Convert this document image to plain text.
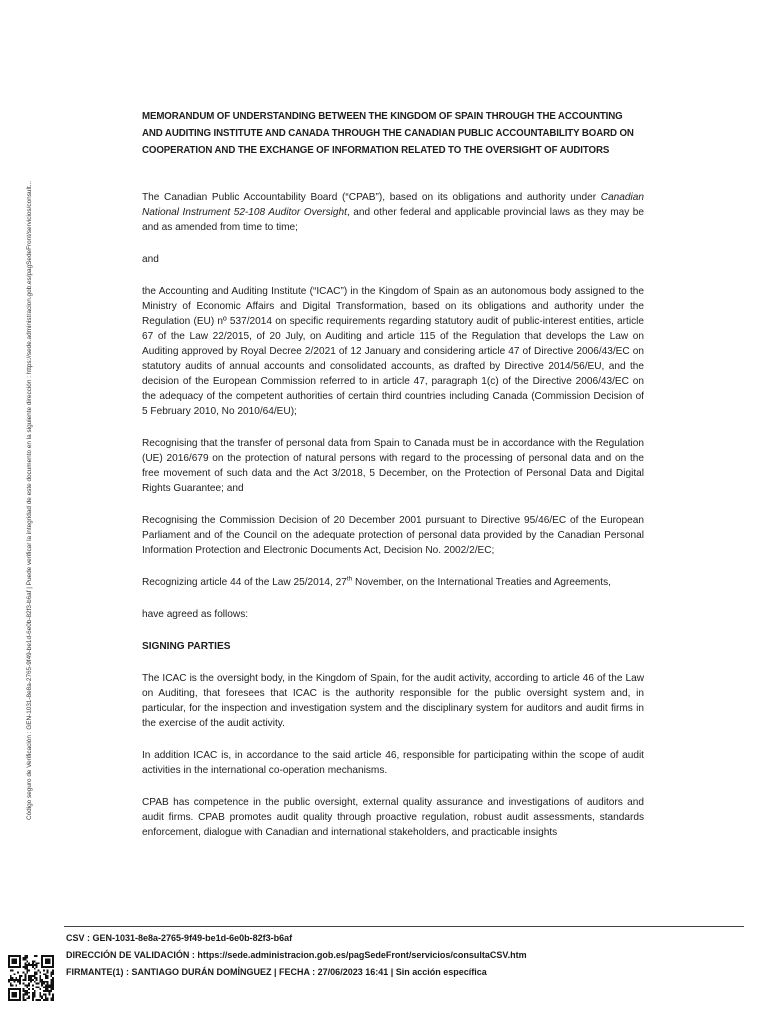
Código seguro de Verificación : GEN-1031-8e8a-2765-9f49-be1d-6e0b-82f3-b6af | Puede verificar la integridad de este documento en la siguiente dirección : https://sede.administracion.gob.es/pagSedeFront/servicios/consult...

MEMORANDUM OF UNDERSTANDING BETWEEN THE KINGDOM OF SPAIN THROUGH THE ACCOUNTING AND AUDITING INSTITUTE AND CANADA THROUGH THE CANADIAN PUBLIC ACCOUNTABILITY BOARD ON COOPERATION AND THE EXCHANGE OF INFORMATION RELATED TO THE OVERSIGHT OF AUDITORS

The Canadian Public Accountability Board (“CPAB”), based on its obligations and authority under Canadian National Instrument 52-108 Auditor Oversight, and other federal and applicable provincial laws as they may be and as amended from time to time;

and

the Accounting and Auditing Institute (“ICAC”) in the Kingdom of Spain as an autonomous body assigned to the Ministry of Economic Affairs and Digital Transformation, based on its obligations and authority under the Regulation (EU) nº 537/2014 on specific requirements regarding statutory audit of public-interest entities, article 67 of the Law 22/2015, of 20 July, on Auditing and article 115 of the Regulation that develops the Law on Auditing approved by Royal Decree 2/2021 of 12 January and considering article 47 of Directive 2006/43/EC on statutory audits of annual accounts and consolidated accounts, as drafted by Directive 2014/56/EU, and the decision of the European Commission referred to in article 47, paragraph 1(c) of the Directive 2006/43/EC on the adequacy of the competent authorities of certain third countries including Canada (Commission Decision of 5 February 2010, No 2010/64/EU);

Recognising that the transfer of personal data from Spain to Canada must be in accordance with the Regulation (UE) 2016/679 on the protection of natural persons with regard to the processing of personal data and on the free movement of such data and the Act 3/2018, 5 December, on the Protection of Personal Data and Digital Rights Guarantee; and

Recognising the Commission Decision of 20 December 2001 pursuant to Directive 95/46/EC of the European Parliament and of the Council on the adequate protection of personal data provided by the Canadian Personal Information Protection and Electronic Documents Act, Decision No. 2002/2/EC;

Recognizing article 44 of the Law 25/2014, 27th November, on the International Treaties and Agreements,

have agreed as follows:

SIGNING PARTIES

The ICAC is the oversight body, in the Kingdom of Spain, for the audit activity, according to article 46 of the Law on Auditing, that foresees that ICAC is the authority responsible for the public oversight system and, in particular, for the inspection and investigation system and the disciplinary system for auditors and audit firms in the exercise of the audit activity.

In addition ICAC is, in accordance to the said article 46, responsible for participating within the scope of audit activities in the international co-operation mechanisms.

CPAB has competence in the public oversight, external quality assurance and investigations of auditors and audit firms. CPAB promotes audit quality through proactive regulation, robust audit assessments, standards enforcement, dialogue with Canadian and international stakeholders, and practicable insights

CSV : GEN-1031-8e8a-2765-9f49-be1d-6e0b-82f3-b6af
DIRECCIÓN DE VALIDACIÓN : https://sede.administracion.gob.es/pagSedeFront/servicios/consultaCSV.htm
FIRMANTE(1) : SANTIAGO DURÁN DOMÍNGUEZ | FECHA : 27/06/2023 16:41 | Sin acción específica
